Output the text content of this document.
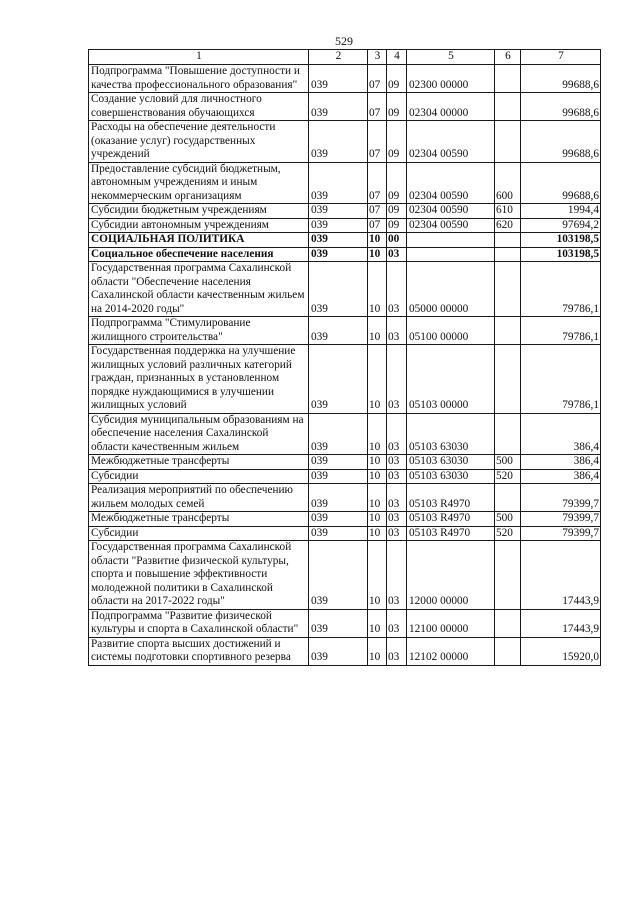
529
1	2	3	4	5	6	7
Подпрограмма "Повышение доступности и качества профессионального образования"	039	07	09	02300 00000		99688,6
Создание условий для личностного совершенствования обучающихся	039	07	09	02304 00000		99688,6
Расходы на обеспечение деятельности (оказание услуг) государственных учреждений	039	07	09	02304 00590		99688,6
Предоставление субсидий бюджетным, автономным учреждениям и иным некоммерческим организациям	039	07	09	02304 00590	600	99688,6
Субсидии бюджетным учреждениям	039	07	09	02304 00590	610	1994,4
Субсидии автономным учреждениям	039	07	09	02304 00590	620	97694,2
СОЦИАЛЬНАЯ ПОЛИТИКА	039	10	00			103198,5
Социальное обеспечение населения	039	10	03			103198,5
Государственная программа Сахалинской области "Обеспечение населения Сахалинской области качественным жильем на 2014-2020 годы"	039	10	03	05000 00000		79786,1
Подпрограмма "Стимулирование жилищного строительства"	039	10	03	05100 00000		79786,1
Государственная поддержка на улучшение жилищных условий различных категорий граждан, признанных в установленном порядке нуждающимися в улучшении жилищных условий	039	10	03	05103 00000		79786,1
Субсидия муниципальным образованиям на обеспечение населения Сахалинской области качественным жильем	039	10	03	05103 63030		386,4
Межбюджетные трансферты	039	10	03	05103 63030	500	386,4
Субсидии	039	10	03	05103 63030	520	386,4
Реализация мероприятий по обеспечению жильем молодых семей	039	10	03	05103 R4970		79399,7
Межбюджетные трансферты	039	10	03	05103 R4970	500	79399,7
Субсидии	039	10	03	05103 R4970	520	79399,7
Государственная программа Сахалинской области "Развитие физической культуры, спорта и повышение эффективности молодежной политики в Сахалинской области на 2017-2022 годы"	039	10	03	12000 00000		17443,9
Подпрограмма "Развитие физической культуры и спорта в Сахалинской области"	039	10	03	12100 00000		17443,9
Развитие спорта высших достижений и системы подготовки спортивного резерва	039	10	03	12102 00000		15920,0
